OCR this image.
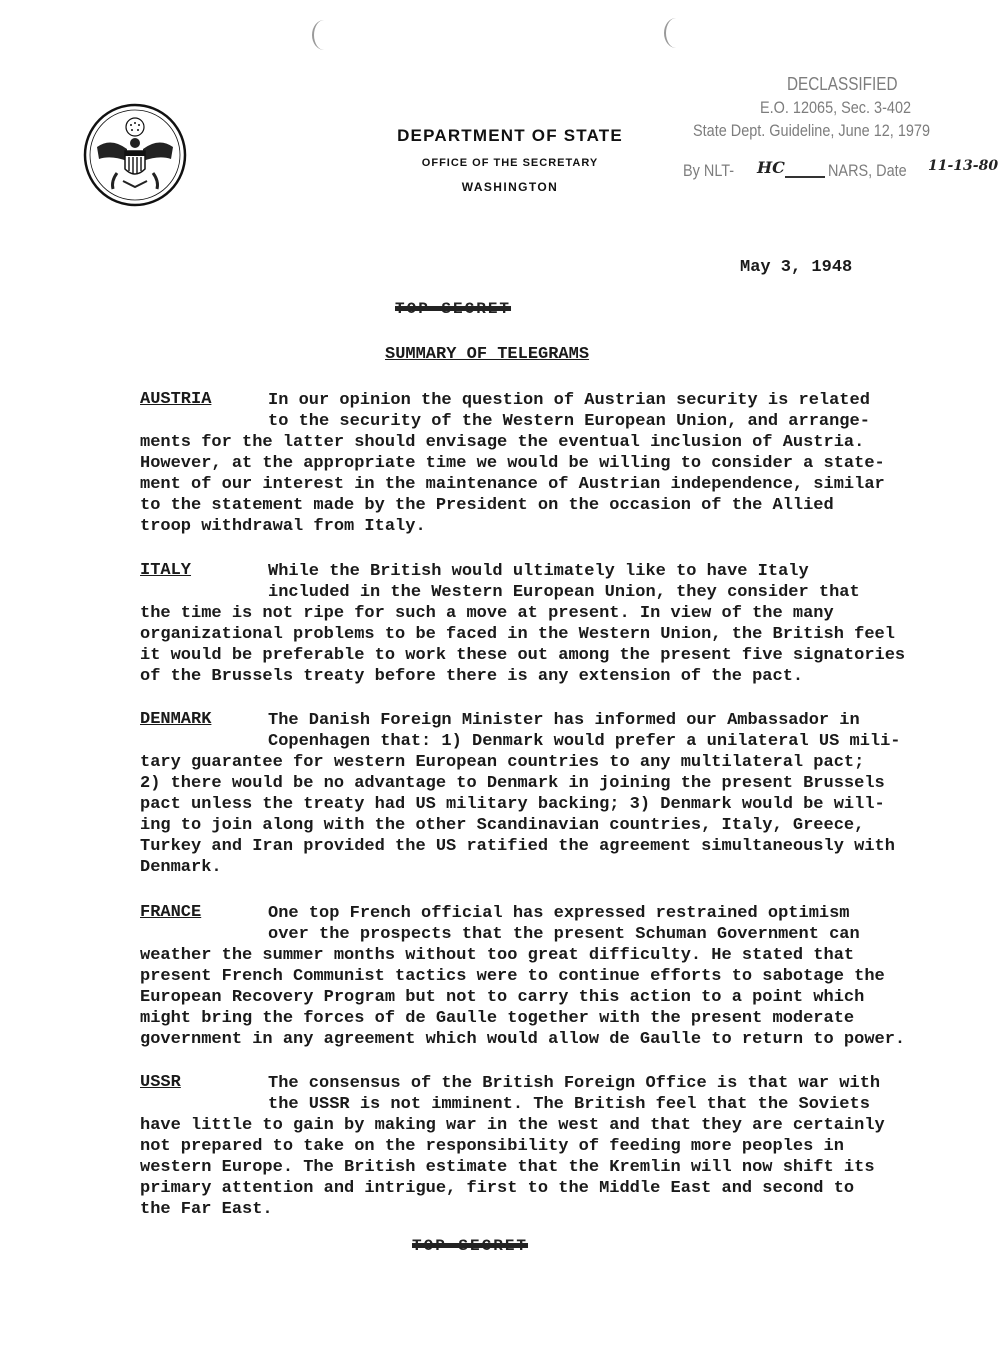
DEPARTMENT OF STATE
OFFICE OF THE SECRETARY
WASHINGTON
DECLASSIFIED
E.O. 12065, Sec. 3-402
State Dept. Guideline, June 12, 1979
By NLT- HC	NARS, Date 11-13-80
May 3, 1948
TOP SECRET
SUMMARY OF TELEGRAMS
AUSTRIA	In our opinion the question of Austrian security is related
to the security of the Western European Union, and arrange-
ments for the latter should envisage the eventual inclusion of Austria.
However, at the appropriate time we would be willing to consider a state-
ment of our interest in the maintenance of Austrian independence, similar
to the statement made by the President on the occasion of the Allied
troop withdrawal from Italy.
ITALY	While the British would ultimately like to have Italy
included in the Western European Union, they consider that
the time is not ripe for such a move at present. In view of the many
organizational problems to be faced in the Western Union, the British feel
it would be preferable to work these out among the present five signatories
of the Brussels treaty before there is any extension of the pact.
DENMARK	The Danish Foreign Minister has informed our Ambassador in
Copenhagen that: 1) Denmark would prefer a unilateral US mili-
tary guarantee for western European countries to any multilateral pact;
2) there would be no advantage to Denmark in joining the present Brussels
pact unless the treaty had US military backing; 3) Denmark would be will-
ing to join along with the other Scandinavian countries, Italy, Greece,
Turkey and Iran provided the US ratified the agreement simultaneously with
Denmark.
FRANCE	One top French official has expressed restrained optimism
over the prospects that the present Schuman Government can
weather the summer months without too great difficulty. He stated that
present French Communist tactics were to continue efforts to sabotage the
European Recovery Program but not to carry this action to a point which
might bring the forces of de Gaulle together with the present moderate
government in any agreement which would allow de Gaulle to return to power.
USSR	The consensus of the British Foreign Office is that war with
the USSR is not imminent. The British feel that the Soviets
have little to gain by making war in the west and that they are certainly
not prepared to take on the responsibility of feeding more peoples in
western Europe. The British estimate that the Kremlin will now shift its
primary attention and intrigue, first to the Middle East and second to
the Far East.
TOP SECRET
